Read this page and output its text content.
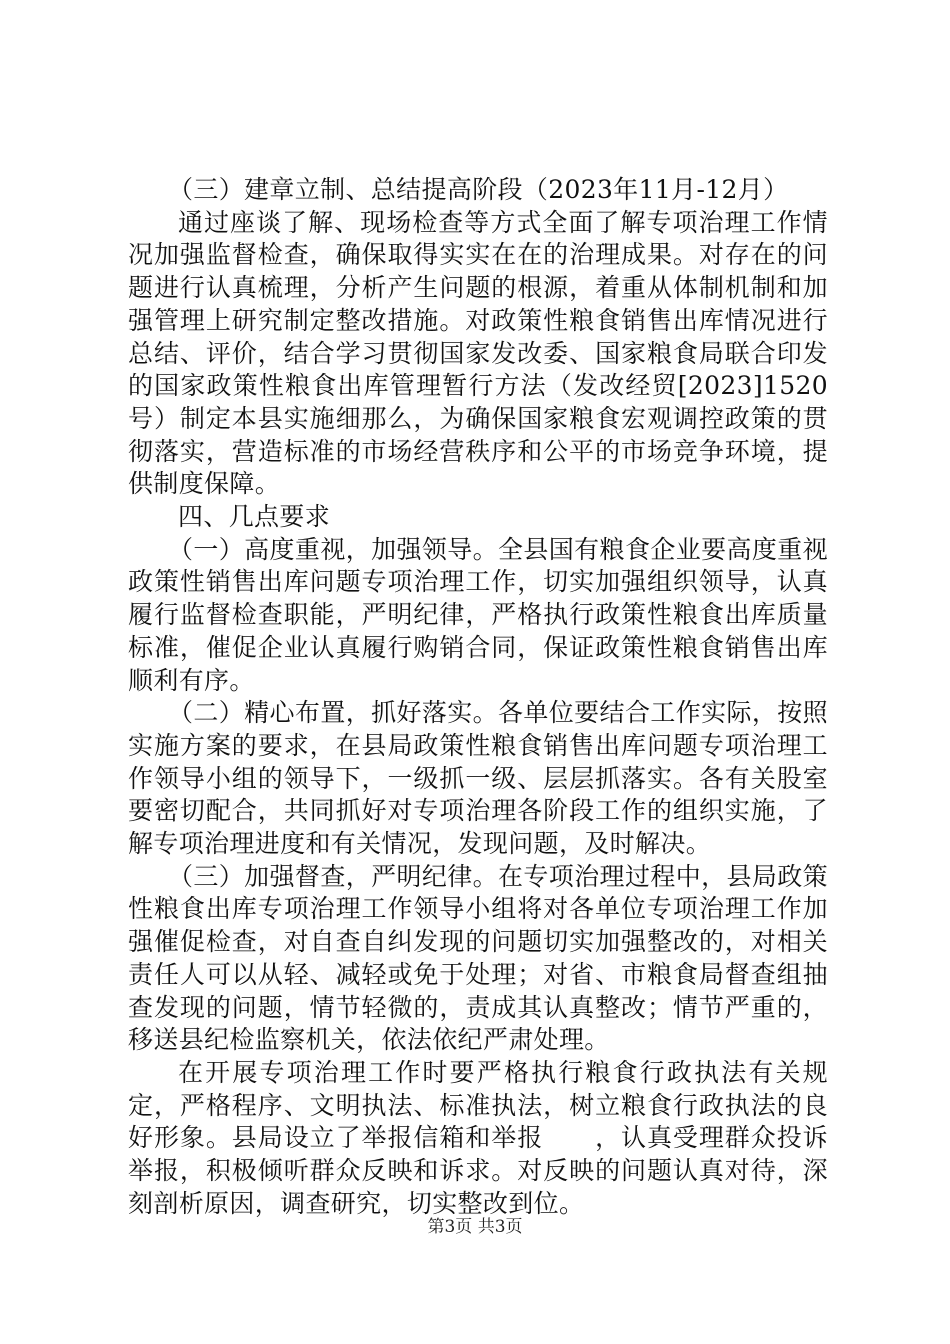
（三）建章立制、总结提高阶段（2023年11月-12月）

通过座谈了解、现场检查等方式全面了解专项治理工作情况加强监督检查，确保取得实实在在的治理成果。对存在的问题进行认真梳理，分析产生问题的根源，着重从体制机制和加强管理上研究制定整改措施。对政策性粮食销售出库情况进行总结、评价，结合学习贯彻国家发改委、国家粮食局联合印发的国家政策性粮食出库管理暂行方法（发改经贸[2023]1520号）制定本县实施细那么，为确保国家粮食宏观调控政策的贯彻落实，营造标准的市场经营秩序和公平的市场竞争环境，提供制度保障。

四、几点要求

（一）高度重视，加强领导。全县国有粮食企业要高度重视政策性销售出库问题专项治理工作，切实加强组织领导，认真履行监督检查职能，严明纪律，严格执行政策性粮食出库质量标准，催促企业认真履行购销合同，保证政策性粮食销售出库顺利有序。

（二）精心布置，抓好落实。各单位要结合工作实际，按照实施方案的要求，在县局政策性粮食销售出库问题专项治理工作领导小组的领导下，一级抓一级、层层抓落实。各有关股室要密切配合，共同抓好对专项治理各阶段工作的组织实施，了解专项治理进度和有关情况，发现问题，及时解决。

（三）加强督查，严明纪律。在专项治理过程中，县局政策性粮食出库专项治理工作领导小组将对各单位专项治理工作加强催促检查，对自查自纠发现的问题切实加强整改的，对相关责任人可以从轻、减轻或免于处理；对省、市粮食局督查组抽查发现的问题，情节轻微的，责成其认真整改；情节严重的，移送县纪检监察机关，依法依纪严肃处理。

在开展专项治理工作时要严格执行粮食行政执法有关规定，严格程序、文明执法、标准执法，树立粮食行政执法的良好形象。县局设立了举报信箱和举报　　，认真受理群众投诉举报，积极倾听群众反映和诉求。对反映的问题认真对待，深刻剖析原因，调查研究，切实整改到位。

第3页 共3页
